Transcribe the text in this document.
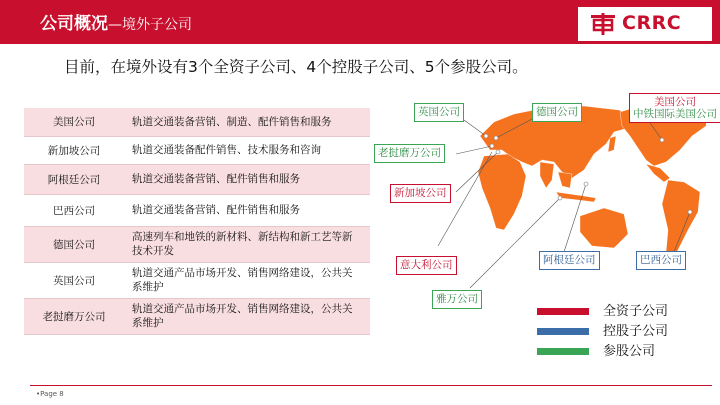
公司概况—境外子公司	CRRC
目前，在境外设有3个全资子公司、4个控股子公司、5个参股公司。
美国公司	轨道交通装备营销、制造、配件销售和服务
新加坡公司	轨道交通装备配件销售、技术服务和咨询
阿根廷公司	轨道交通装备营销、配件销售和服务
巴西公司	轨道交通装备营销、配件销售和服务
德国公司	高速列车和地铁的新材料、新结构和新工艺等新技术开发
英国公司	轨道交通产品市场开发、销售网络建设，公共关系维护
老挝磨万公司	轨道交通产品市场开发、销售网络建设，公共关系维护
英国公司	德国公司
美国公司
中铁国际美国公司
老挝磨万公司
新加坡公司
意大利公司
雅万公司
阿根廷公司	巴西公司
全资子公司
控股子公司
参股公司
•Page 8
